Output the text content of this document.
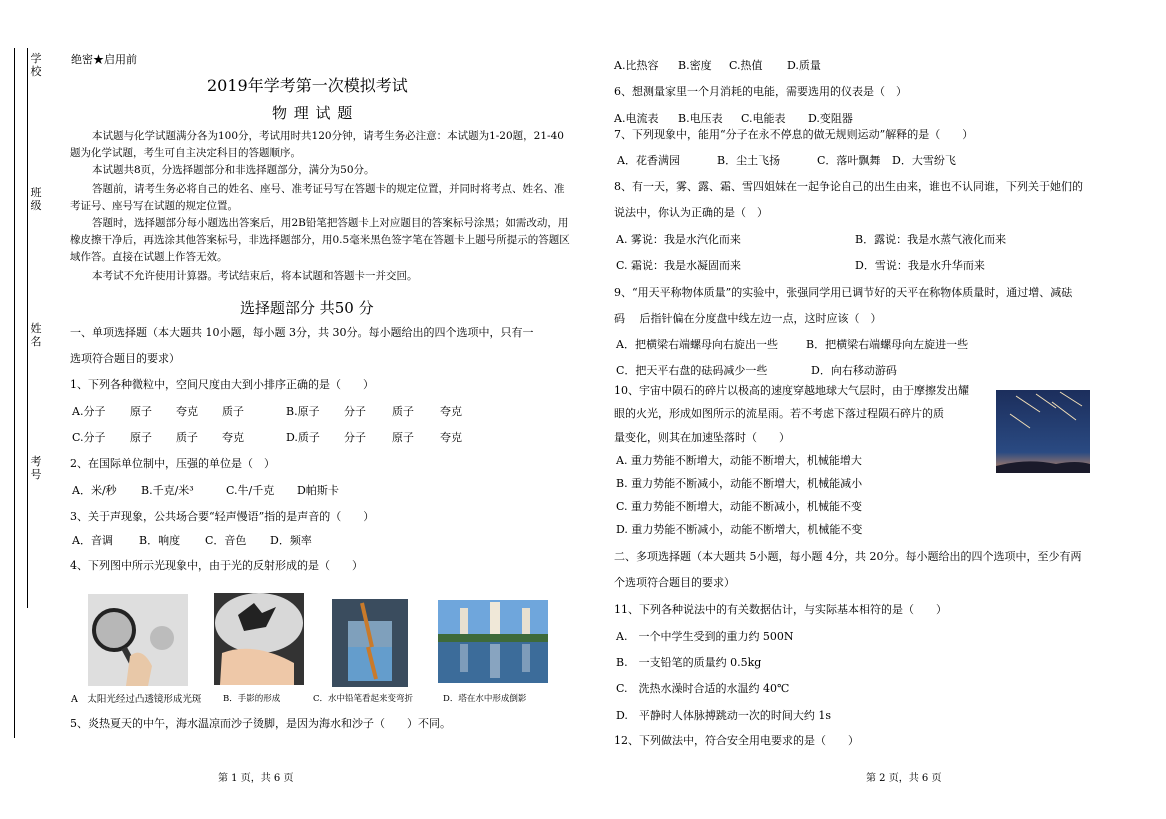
学校
班级
姓名
考号
绝密★启用前
2019年学考第一次模拟考试
物 理 试 题
本试题与化学试题满分各为100分，考试用时共120分钟，请考生务必注意：本试题为1-20题，21-40题为化学试题，考生可自主决定科目的答题顺序。
本试题共8页，分选择题部分和非选择题部分，满分为50分。
答题前，请考生务必将自己的姓名、座号、准考证号写在答题卡的规定位置，并同时将考点、姓名、准考证号、座号写在试题的规定位置。
答题时，选择题部分每小题选出答案后，用2B铅笔把答题卡上对应题目的答案标号涂黑；如需改动，用橡皮擦干净后，再选涂其他答案标号，非选择题部分，用0.5毫米黑色签字笔在答题卡上题号所提示的答题区域作答。直接在试题上作答无效。
本考试不允许使用计算器。考试结束后，将本试题和答题卡一并交回。
选择题部分 共50 分
一、单项选择题（本大题共 10小题，每小题 3分，共 30分。每小题给出的四个选项中，只有一
选项符合题目的要求）
1、下列各种微粒中，空间尺度由大到小排序正确的是（　　）
A.分子 原子 夸克 质子	B.原子 分子 质子 夸克
C.分子 原子 质子 夸克	D.质子 分子 原子 夸克
2、在国际单位制中，压强的单位是（　）
A．米/秒 B.千克/米³	C.牛/千克 D帕斯卡
3、关于声现象，公共场合要“轻声慢语”指的是声音的（　　）
A．音调 B．响度 C．音色 D．频率
4、下列图中所示光现象中，由于光的反射形成的是（　　）
A　太阳光经过凸透镜形成光斑	B．手影的形成	C．水中铅笔看起来变弯折	D．塔在水中形成倒影
5、炎热夏天的中午，海水温凉而沙子烫脚，是因为海水和沙子（　　）不同。
第 1 页，共 6 页
A.比热容 B.密度 C.热值 D.质量
6、想测量家里一个月消耗的电能，需要选用的仪表是（　）
A.电流表 B.电压表 C.电能表 D.变阻器
7、下列现象中，能用“分子在永不停息的做无规则运动”解释的是（　　）
A．花香满园	B．尘土飞扬	C．落叶飘舞 D．大雪纷飞
8、有一天，雾、露、霜、雪四姐妹在一起争论自己的出生由来，谁也不认同谁，下列关于她们的
说法中，你认为正确的是（　）
A. 雾说：我是水汽化而来	B．露说：我是水蒸气液化而来
C. 霜说：我是水凝固而来	D．雪说：我是水升华而来
9、“用天平称物体质量”的实验中，张强同学用已调节好的天平在称物体质量时，通过增、减砝
码　 后指针偏在分度盘中线左边一点，这时应该（　）
A．把横梁右端螺母向右旋出一些	B．把横梁右端螺母向左旋进一些
C．把天平右盘的砝码减少一些	D．向右移动游码
10、宇宙中陨石的碎片以极高的速度穿越地球大气层时，由于摩擦发出耀
眼的火光，形成如图所示的流星雨。若不考虑下落过程陨石碎片的质
量变化，则其在加速坠落时（　　）
A. 重力势能不断增大，动能不断增大，机械能增大
B. 重力势能不断减小，动能不断增大，机械能减小
C. 重力势能不断增大，动能不断减小，机械能不变
D. 重力势能不断减小，动能不断增大，机械能不变
二、多项选择题（本大题共 5小题，每小题 4分，共 20分。每小题给出的四个选项中，至少有两
个选项符合题目的要求）
11、下列各种说法中的有关数据估计，与实际基本相符的是（　　）
A.　一个中学生受到的重力约 500N
B.　一支铅笔的质量约 0.5kg
C.　洗热水澡时合适的水温约 40℃
D.　平静时人体脉搏跳动一次的时间大约 1s
12、下列做法中，符合安全用电要求的是（　　）
第 2 页，共 6 页
